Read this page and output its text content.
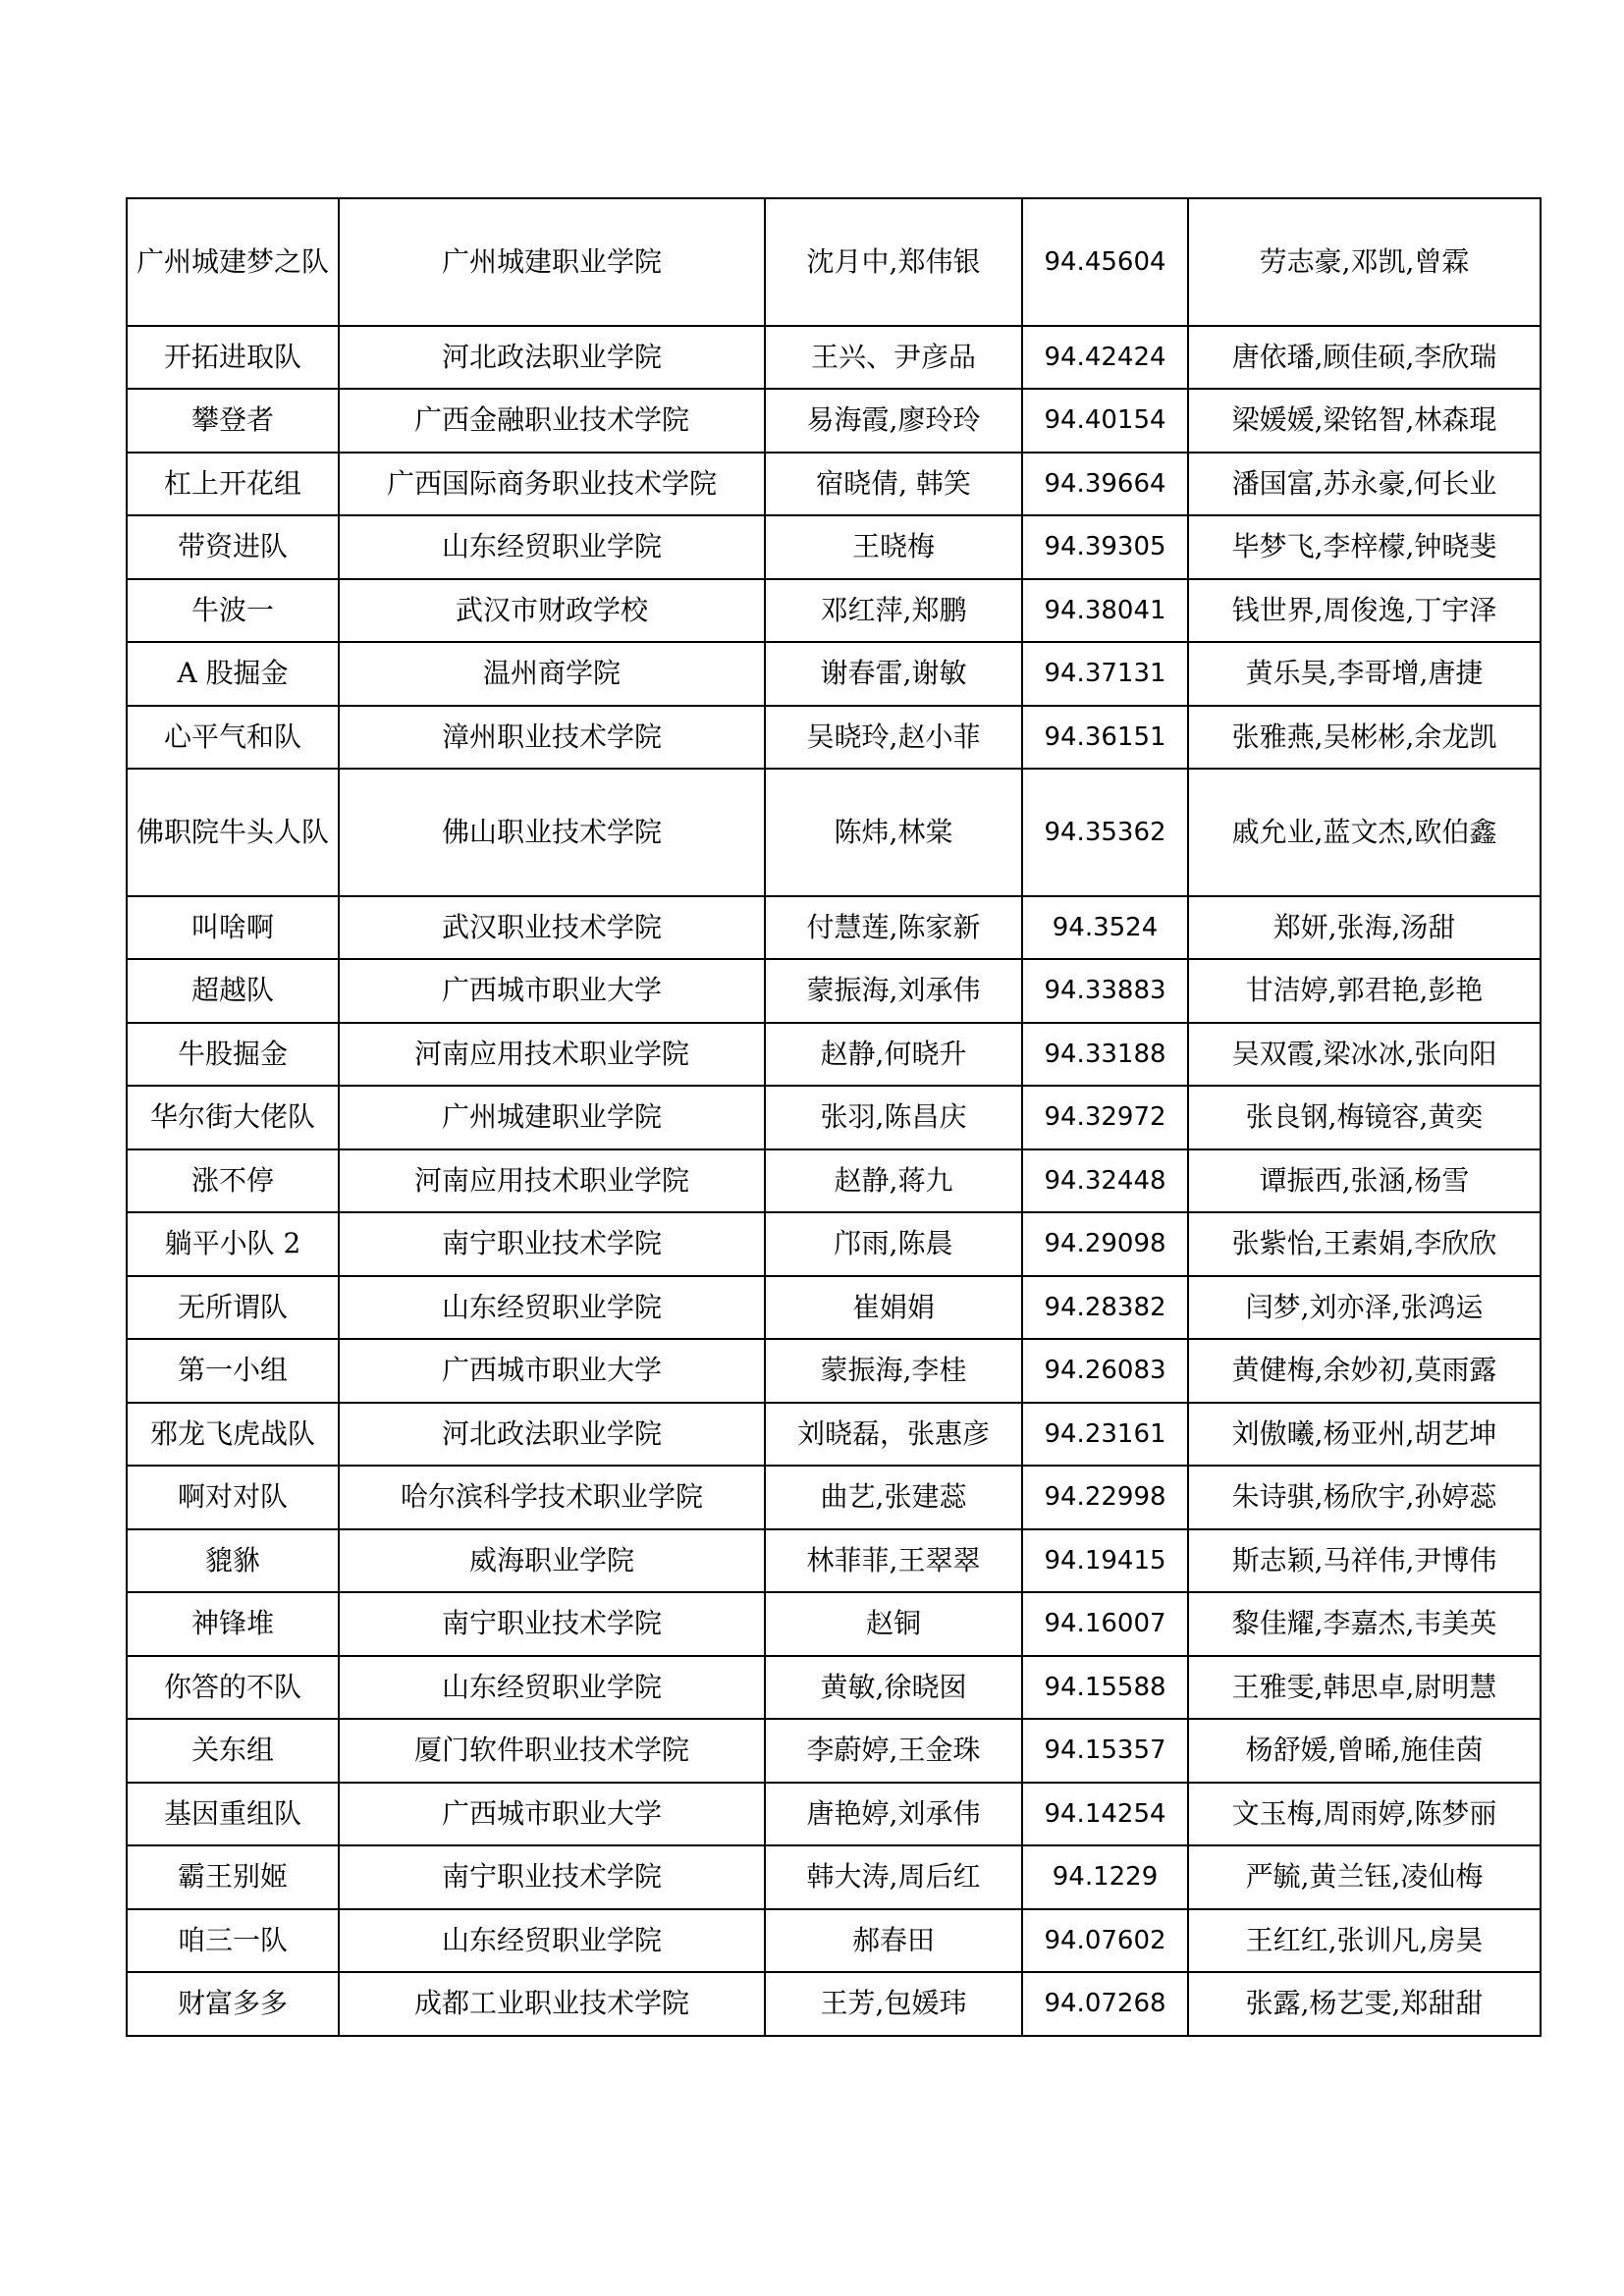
广州城建梦之队	广州城建职业学院	沈月中,郑伟银	94.45604	劳志豪,邓凯,曾霖
开拓进取队	河北政法职业学院	王兴、尹彦品	94.42424	唐依璠,顾佳硕,李欣瑞
攀登者	广西金融职业技术学院	易海霞,廖玲玲	94.40154	梁媛媛,梁铭智,林森琨
杠上开花组	广西国际商务职业技术学院	宿晓倩, 韩笑	94.39664	潘国富,苏永豪,何长业
带资进队	山东经贸职业学院	王晓梅	94.39305	毕梦飞,李梓檬,钟晓斐
牛波一	武汉市财政学校	邓红萍,郑鹏	94.38041	钱世界,周俊逸,丁宇泽
A 股掘金	温州商学院	谢春雷,谢敏	94.37131	黄乐昊,李哥增,唐捷
心平气和队	漳州职业技术学院	吴晓玲,赵小菲	94.36151	张雅燕,吴彬彬,余龙凯
佛职院牛头人队	佛山职业技术学院	陈炜,林棠	94.35362	戚允业,蓝文杰,欧伯鑫
叫啥啊	武汉职业技术学院	付慧莲,陈家新	94.3524	郑妍,张海,汤甜
超越队	广西城市职业大学	蒙振海,刘承伟	94.33883	甘洁婷,郭君艳,彭艳
牛股掘金	河南应用技术职业学院	赵静,何晓升	94.33188	吴双霞,梁冰冰,张向阳
华尔街大佬队	广州城建职业学院	张羽,陈昌庆	94.32972	张良钢,梅镜容,黄奕
涨不停	河南应用技术职业学院	赵静,蒋九	94.32448	谭振西,张涵,杨雪
躺平小队 2	南宁职业技术学院	邝雨,陈晨	94.29098	张紫怡,王素娟,李欣欣
无所谓队	山东经贸职业学院	崔娟娟	94.28382	闫梦,刘亦泽,张鸿运
第一小组	广西城市职业大学	蒙振海,李桂	94.26083	黄健梅,余妙初,莫雨露
邪龙飞虎战队	河北政法职业学院	刘晓磊，张惠彦	94.23161	刘傲曦,杨亚州,胡艺坤
啊对对队	哈尔滨科学技术职业学院	曲艺,张建蕊	94.22998	朱诗骐,杨欣宇,孙婷蕊
貔貅	威海职业学院	林菲菲,王翠翠	94.19415	斯志颖,马祥伟,尹博伟
神锋堆	南宁职业技术学院	赵铜	94.16007	黎佳耀,李嘉杰,韦美英
你答的不队	山东经贸职业学院	黄敏,徐晓囡	94.15588	王雅雯,韩思卓,尉明慧
关东组	厦门软件职业技术学院	李蔚婷,王金珠	94.15357	杨舒媛,曾晞,施佳茵
基因重组队	广西城市职业大学	唐艳婷,刘承伟	94.14254	文玉梅,周雨婷,陈梦丽
霸王别姬	南宁职业技术学院	韩大涛,周后红	94.1229	严毓,黄兰钰,凌仙梅
咱三一队	山东经贸职业学院	郝春田	94.07602	王红红,张训凡,房昊
财富多多	成都工业职业技术学院	王芳,包媛玮	94.07268	张露,杨艺雯,郑甜甜
